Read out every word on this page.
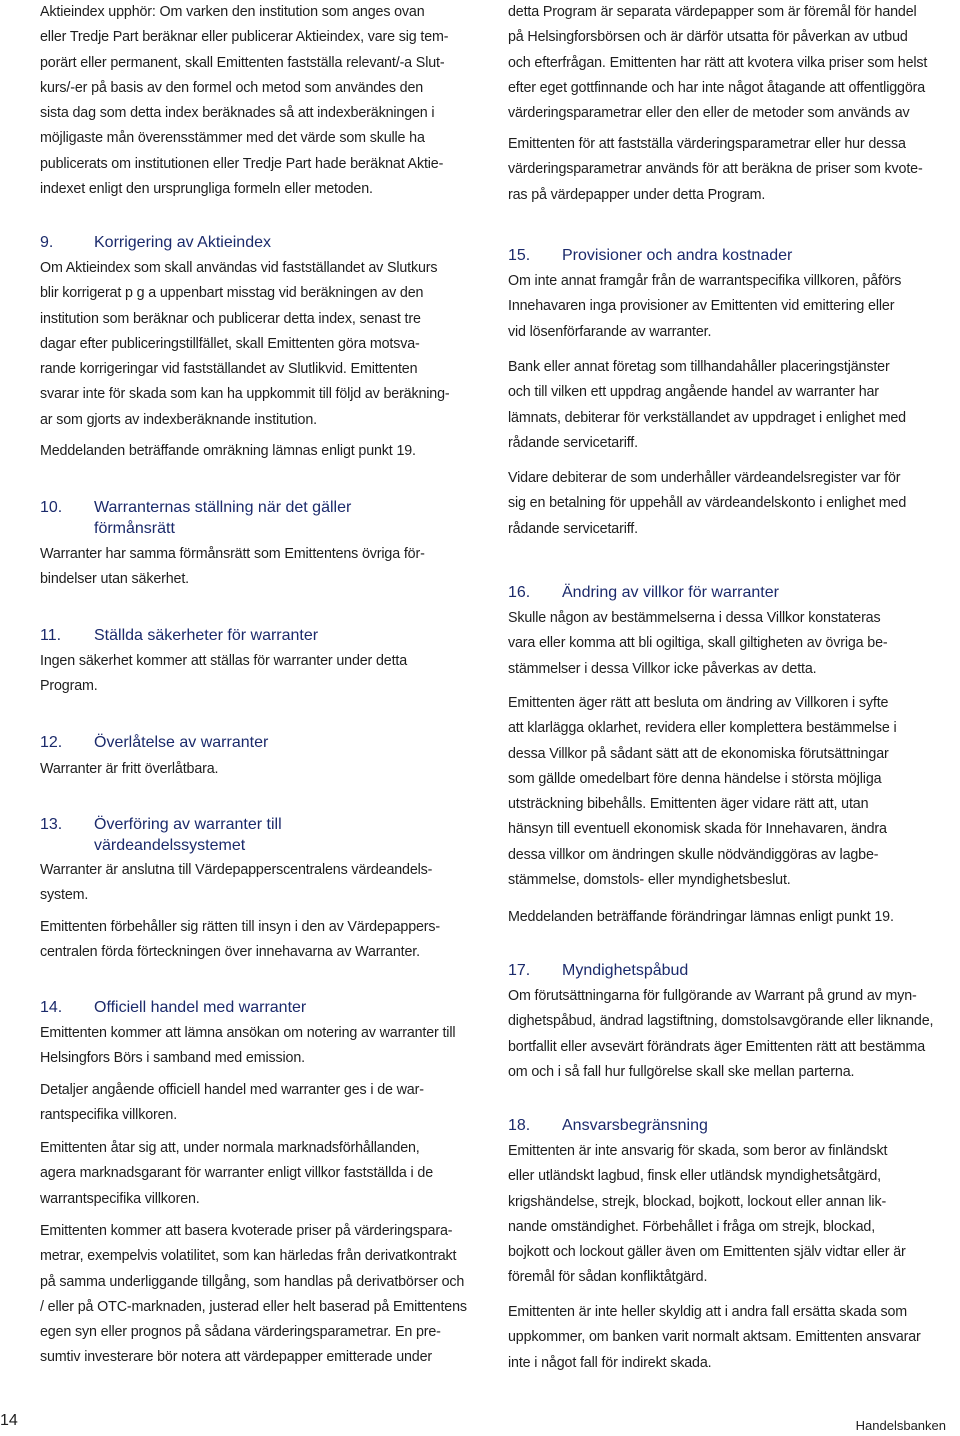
Aktieindex upphör: Om varken den institution som anges ovan
eller Tredje Part beräknar eller publicerar Aktieindex, vare sig tem-
porärt eller permanent, skall Emittenten fastställa relevant/-a Slut-
kurs/-er på basis av den formel och metod som användes den
sista dag som detta index beräknades så att indexberäkningen i
möjligaste mån överensstämmer med det värde som skulle ha
publicerats om institutionen eller Tredje Part hade beräknat Aktie-
indexet enligt den ursprungliga formeln eller metoden.
9.	Korrigering av Aktieindex
Om Aktieindex som skall användas vid fastställandet av Slutkurs
blir korrigerat p g a uppenbart misstag vid beräkningen av den
institution som beräknar och publicerar detta index, senast tre
dagar efter publiceringstillfället, skall Emittenten göra motsva-
rande korrigeringar vid fastställandet av Slutlikvid. Emittenten
svarar inte för skada som kan ha uppkommit till följd av beräkning-
ar som gjorts av indexberäknande institution.
Meddelanden beträffande omräkning lämnas enligt punkt 19.
10. Warranternas ställning när det gäller
förmånsrätt
Warranter har samma förmånsrätt som Emittentens övriga för-
bindelser utan säkerhet.
11. Ställda säkerheter för warranter
Ingen säkerhet kommer att ställas för warranter under detta
Program.
12. Överlåtelse av warranter
Warranter är fritt överlåtbara.
13. Överföring av warranter till
värdeandelssystemet
Warranter är anslutna till Värdepapperscentralens värdeandels-
system.
Emittenten förbehåller sig rätten till insyn i den av Värdepappers-
centralen förda förteckningen över innehavarna av Warranter.
14. Officiell handel med warranter
Emittenten kommer att lämna ansökan om notering av warranter till
Helsingfors Börs i samband med emission.
Detaljer angående officiell handel med warranter ges i de war-
rantspecifika villkoren.
Emittenten åtar sig att, under normala marknadsförhållanden,
agera marknadsgarant för warranter enligt villkor fastställda i de
warrantspecifika villkoren.
Emittenten kommer att basera kvoterade priser på värderingspara-
metrar, exempelvis volatilitet, som kan härledas från derivatkontrakt
på samma underliggande tillgång, som handlas på derivatbörser och
/ eller på OTC-marknaden, justerad eller helt baserad på Emittentens
egen syn eller prognos på sådana värderingsparametrar. En pre-
sumtiv investerare bör notera att värdepapper emitterade under
detta Program är separata värdepapper som är föremål för handel
på Helsingforsbörsen och är därför utsatta för påverkan av utbud
och efterfrågan. Emittenten har rätt att kvotera vilka priser som helst
efter eget gottfinnande och har inte något åtagande att offentliggöra
värderingsparametrar eller den eller de metoder som används av
Emittenten för att fastställa värderingsparametrar eller hur dessa
värderingsparametrar används för att beräkna de priser som kvote-
ras på värdepapper under detta Program.
15. Provisioner och andra kostnader
Om inte annat framgår från de warrantspecifika villkoren, påförs
Innehavaren inga provisioner av Emittenten vid emittering eller
vid lösenförfarande av warranter.
Bank eller annat företag som tillhandahåller placeringstjänster
och till vilken ett uppdrag angående handel av warranter har
lämnats, debiterar för verkställandet av uppdraget i enlighet med
rådande servicetariff.
Vidare debiterar de som underhåller värdeandelsregister var för
sig en betalning för uppehåll av värdeandelskonto i enlighet med
rådande servicetariff.
16. Ändring av villkor för warranter
Skulle någon av bestämmelserna i dessa Villkor konstateras
vara eller komma att bli ogiltiga, skall giltigheten av övriga be-
stämmelser i dessa Villkor icke påverkas av detta.
Emittenten äger rätt att besluta om ändring av Villkoren i syfte
att klarlägga oklarhet, revidera eller komplettera bestämmelse i
dessa Villkor på sådant sätt att de ekonomiska förutsättningar
som gällde omedelbart före denna händelse i största möjliga
utsträckning bibehålls. Emittenten äger vidare rätt att, utan
hänsyn till eventuell ekonomisk skada för Innehavaren, ändra
dessa villkor om ändringen skulle nödvändiggöras av lagbe-
stämmelse, domstols- eller myndighetsbeslut.
Meddelanden beträffande förändringar lämnas enligt punkt 19.
17. Myndighetspåbud
Om förutsättningarna för fullgörande av Warrant på grund av myn-
dighetspåbud, ändrad lagstiftning, domstolsavgörande eller liknande,
bortfallit eller avsevärt förändrats äger Emittenten rätt att bestämma
om och i så fall hur fullgörelse skall ske mellan parterna.
18. Ansvarsbegränsning
Emittenten är inte ansvarig för skada, som beror av finländskt
eller utländskt lagbud, finsk eller utländsk myndighetsåtgärd,
krigshändelse, strejk, blockad, bojkott, lockout eller annan lik-
nande omständighet. Förbehållet i fråga om strejk, blockad,
bojkott och lockout gäller även om Emittenten själv vidtar eller är
föremål för sådan konfliktåtgärd.
Emittenten är inte heller skyldig att i andra fall ersätta skada som
uppkommer, om banken varit normalt aktsam. Emittenten ansvarar
inte i något fall för indirekt skada.
14	Handelsbanken
